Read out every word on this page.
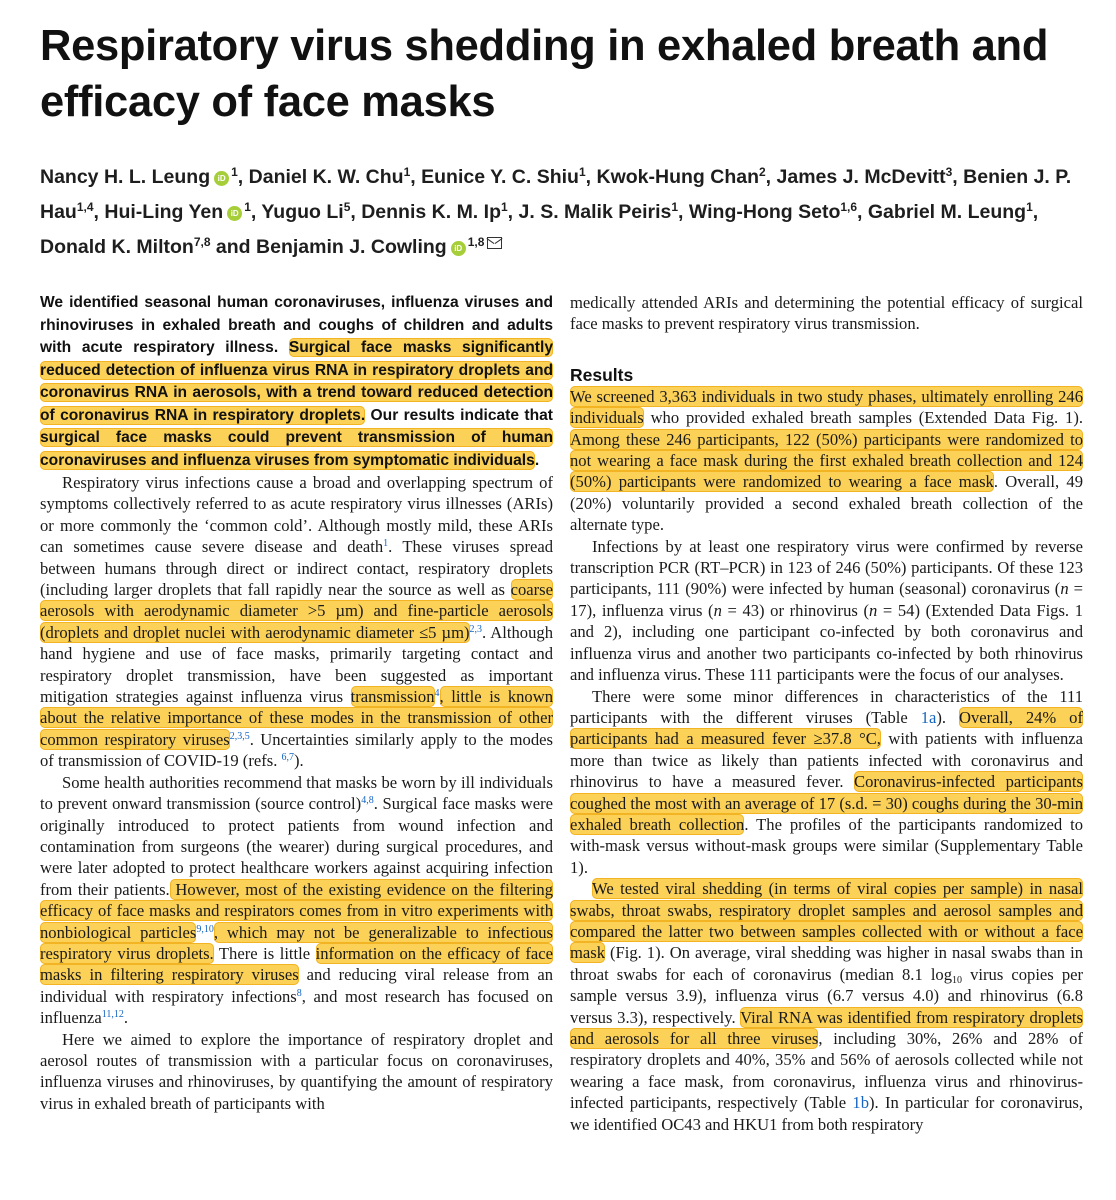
Respiratory virus shedding in exhaled breath and efficacy of face masks
Nancy H. L. Leung iD $^1$, Daniel K. W. Chu$^1$, Eunice Y. C. Shiu$^1$, Kwok-Hung Chan$^2$, James J. McDevitt$^3$, Benien J. P. Hau$^{1,4}$, Hui-Ling Yen iD $^1$, Yuguo Li$^5$, Dennis K. M. Ip$^1$, J. S. Malik Peiris$^1$, Wing-Hong Seto$^{1,6}$, Gabriel M. Leung$^1$, Donald K. Milton$^{7,8}$ and Benjamin J. Cowling iD $^{1,8}$

We identified seasonal human coronaviruses, influenza viruses and rhinoviruses in exhaled breath and coughs of children and adults with acute respiratory illness. Surgical face masks significantly reduced detection of influenza virus RNA in respiratory droplets and coronavirus RNA in aerosols, with a trend toward reduced detection of coronavirus RNA in respiratory droplets. Our results indicate that surgical face masks could prevent transmission of human coronaviruses and influenza viruses from symptomatic individuals.

Respiratory virus infections cause a broad and overlapping spectrum of symptoms collectively referred to as acute respiratory virus illnesses (ARIs) or more commonly the ‘common cold’. Although mostly mild, these ARIs can sometimes cause severe disease and death$^1$. These viruses spread between humans through direct or indirect contact, respiratory droplets (including larger droplets that fall rapidly near the source as well as coarse aerosols with aerodynamic diameter >5 µm) and fine-particle aerosols (droplets and droplet nuclei with aerodynamic diameter ≤5 µm)$^{2,3}$. Although hand hygiene and use of face masks, primarily targeting contact and respiratory droplet transmission, have been suggested as important mitigation strategies against influenza virus transmission$^4$, little is known about the relative importance of these modes in the transmission of other common respiratory viruses$^{2,3,5}$. Uncertainties similarly apply to the modes of transmission of COVID-19 (refs. $^{6,7}$).

Some health authorities recommend that masks be worn by ill individuals to prevent onward transmission (source control)$^{4,8}$. Surgical face masks were originally introduced to protect patients from wound infection and contamination from surgeons (the wearer) during surgical procedures, and were later adopted to protect healthcare workers against acquiring infection from their patients. However, most of the existing evidence on the filtering efficacy of face masks and respirators comes from in vitro experiments with nonbiological particles$^{9,10}$, which may not be generalizable to infectious respiratory virus droplets. There is little information on the efficacy of face masks in filtering respiratory viruses and reducing viral release from an individual with respiratory infections$^8$, and most research has focused on influenza$^{11,12}$.

Here we aimed to explore the importance of respiratory droplet and aerosol routes of transmission with a particular focus on coronaviruses, influenza viruses and rhinoviruses, by quantifying the amount of respiratory virus in exhaled breath of participants with

medically attended ARIs and determining the potential efficacy of surgical face masks to prevent respiratory virus transmission.

Results

We screened 3,363 individuals in two study phases, ultimately enrolling 246 individuals who provided exhaled breath samples (Extended Data Fig. 1). Among these 246 participants, 122 (50%) participants were randomized to not wearing a face mask during the first exhaled breath collection and 124 (50%) participants were randomized to wearing a face mask. Overall, 49 (20%) voluntarily provided a second exhaled breath collection of the alternate type.

Infections by at least one respiratory virus were confirmed by reverse transcription PCR (RT–PCR) in 123 of 246 (50%) participants. Of these 123 participants, 111 (90%) were infected by human (seasonal) coronavirus (n = 17), influenza virus (n = 43) or rhinovirus (n = 54) (Extended Data Figs. 1 and 2), including one participant co-infected by both coronavirus and influenza virus and another two participants co-infected by both rhinovirus and influenza virus. These 111 participants were the focus of our analyses.

There were some minor differences in characteristics of the 111 participants with the different viruses (Table 1a). Overall, 24% of participants had a measured fever ≥37.8 °C, with patients with influenza more than twice as likely than patients infected with coronavirus and rhinovirus to have a measured fever. Coronavirus-infected participants coughed the most with an average of 17 (s.d. = 30) coughs during the 30-min exhaled breath collection. The profiles of the participants randomized to with-mask versus without-mask groups were similar (Supplementary Table 1).

We tested viral shedding (in terms of viral copies per sample) in nasal swabs, throat swabs, respiratory droplet samples and aerosol samples and compared the latter two between samples collected with or without a face mask (Fig. 1). On average, viral shedding was higher in nasal swabs than in throat swabs for each of coronavirus (median 8.1 $\log_{10}$ virus copies per sample versus 3.9), influenza virus (6.7 versus 4.0) and rhinovirus (6.8 versus 3.3), respectively. Viral RNA was identified from respiratory droplets and aerosols for all three viruses, including 30%, 26% and 28% of respiratory droplets and 40%, 35% and 56% of aerosols collected while not wearing a face mask, from coronavirus, influenza virus and rhinovirus-infected participants, respectively (Table 1b). In particular for coronavirus, we identified OC43 and HKU1 from both respiratory
